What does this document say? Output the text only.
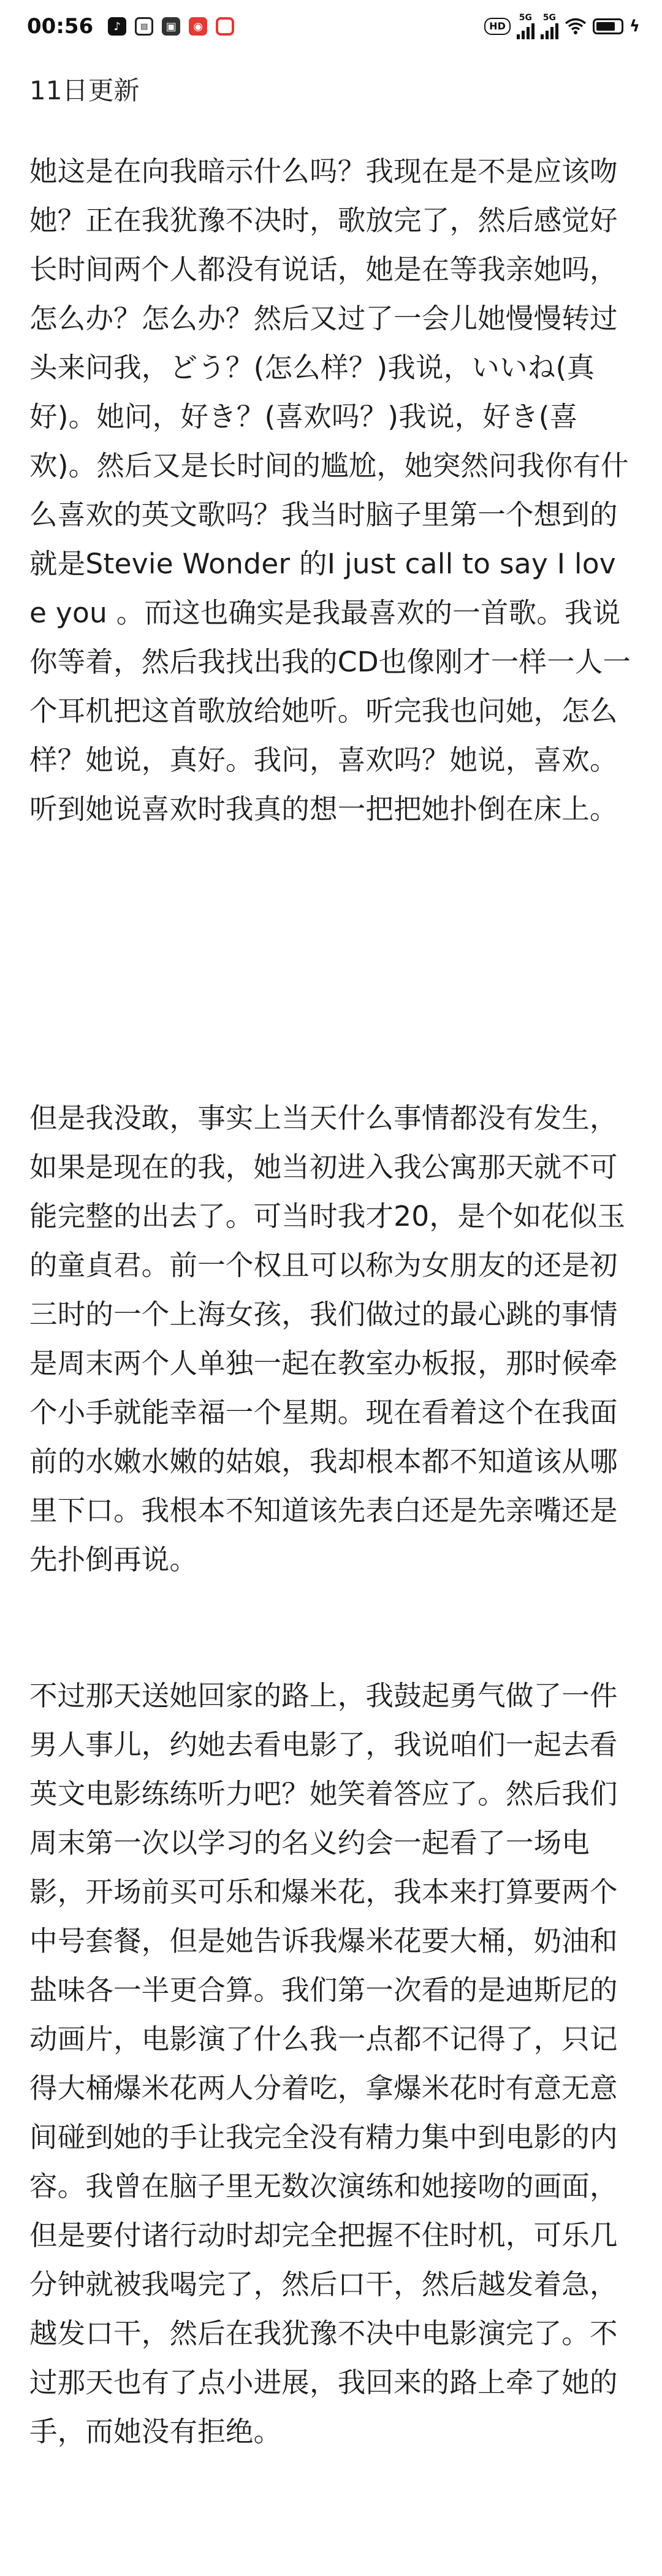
00:56	♪	▤	▣	◉	HD
5G 5G	ϟ
11日更新

她这是在向我暗示什么吗？我现在是不是应该吻她？正在我犹豫不决时，歌放完了，然后感觉好长时间两个人都没有说话，她是在等我亲她吗，怎么办？怎么办？然后又过了一会儿她慢慢转过头来问我，どう？(怎么样？)我说，いいね(真好)。她问，好き？(喜欢吗？)我说，好き(喜欢)。然后又是长时间的尴尬，她突然问我你有什么喜欢的英文歌吗？我当时脑子里第一个想到的就是Stevie Wonder 的I just call to say I love you 。而这也确实是我最喜欢的一首歌。我说你等着，然后我找出我的CD也像刚才一样一人一个耳机把这首歌放给她听。听完我也问她，怎么样？她说，真好。我问，喜欢吗？她说，喜欢。听到她说喜欢时我真的想一把把她扑倒在床上。

但是我没敢，事实上当天什么事情都没有发生，如果是现在的我，她当初进入我公寓那天就不可能完整的出去了。可当时我才20，是个如花似玉的童貞君。前一个权且可以称为女朋友的还是初三时的一个上海女孩，我们做过的最心跳的事情是周末两个人单独一起在教室办板报，那时候牵个小手就能幸福一个星期。现在看着这个在我面前的水嫩水嫩的姑娘，我却根本都不知道该从哪里下口。我根本不知道该先表白还是先亲嘴还是先扑倒再说。

不过那天送她回家的路上，我鼓起勇气做了一件男人事儿，约她去看电影了，我说咱们一起去看英文电影练练听力吧？她笑着答应了。然后我们周末第一次以学习的名义约会一起看了一场电影，开场前买可乐和爆米花，我本来打算要两个中号套餐，但是她告诉我爆米花要大桶，奶油和盐味各一半更合算。我们第一次看的是迪斯尼的动画片，电影演了什么我一点都不记得了，只记得大桶爆米花两人分着吃，拿爆米花时有意无意间碰到她的手让我完全没有精力集中到电影的内容。我曾在脑子里无数次演练和她接吻的画面，但是要付诸行动时却完全把握不住时机，可乐几分钟就被我喝完了，然后口干，然后越发着急，越发口干，然后在我犹豫不决中电影演完了。不过那天也有了点小进展，我回来的路上牵了她的手，而她没有拒绝。
